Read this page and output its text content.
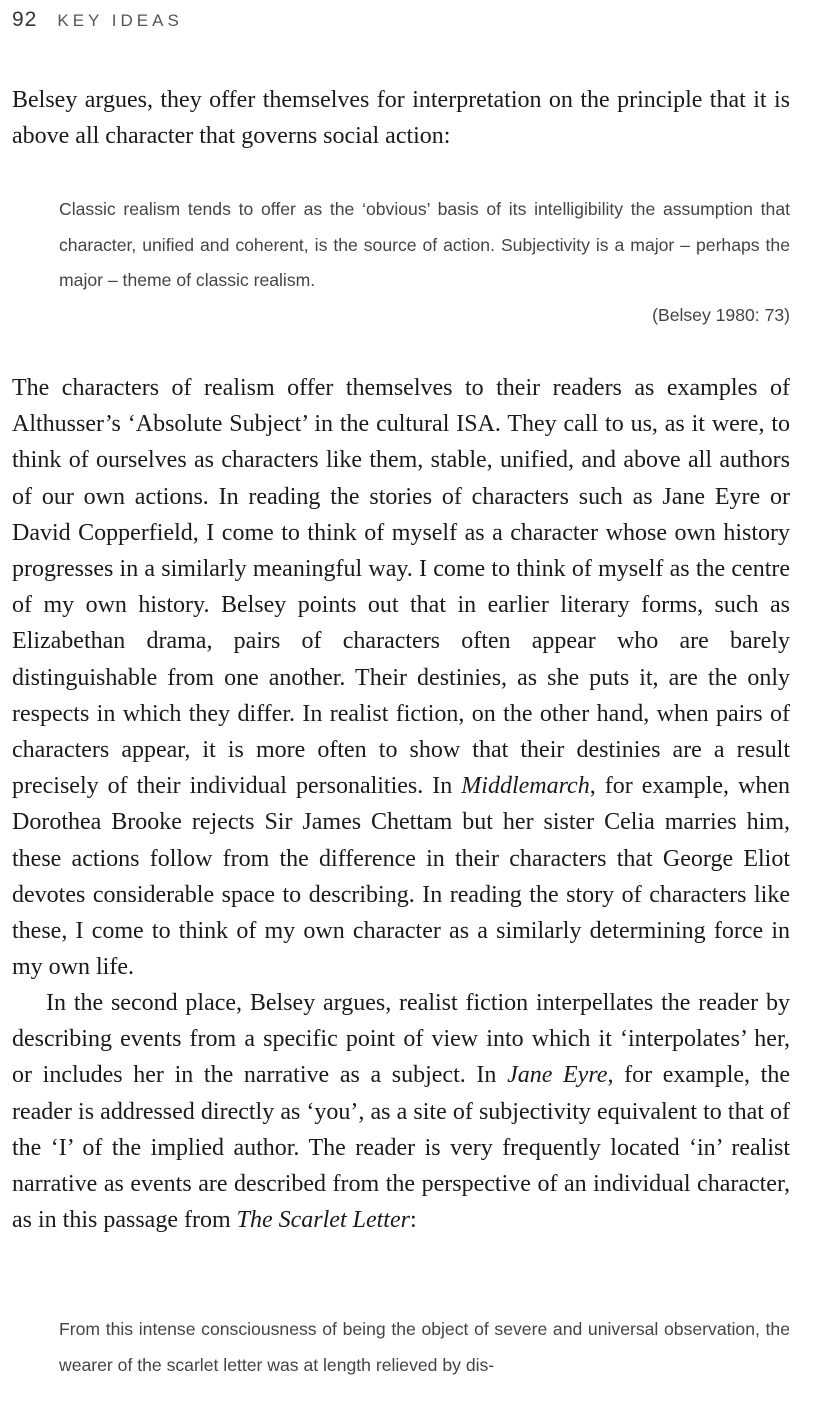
92 KEY IDEAS

Belsey argues, they offer themselves for interpretation on the principle that it is above all character that governs social action:

Classic realism tends to offer as the ‘obvious’ basis of its intelligibility the assumption that character, unified and coherent, is the source of action. Subjectivity is a major – perhaps the major – theme of classic realism.

(Belsey 1980: 73)

The characters of realism offer themselves to their readers as examples of Althusser’s ‘Absolute Subject’ in the cultural ISA. They call to us, as it were, to think of ourselves as characters like them, stable, unified, and above all authors of our own actions. In reading the stories of characters such as Jane Eyre or David Copperfield, I come to think of myself as a character whose own history progresses in a similarly meaningful way. I come to think of myself as the centre of my own history. Belsey points out that in earlier literary forms, such as Elizabethan drama, pairs of characters often appear who are barely distinguishable from one another. Their destinies, as she puts it, are the only respects in which they differ. In realist fiction, on the other hand, when pairs of characters appear, it is more often to show that their destinies are a result precisely of their individual personalities. In Middlemarch, for example, when Dorothea Brooke rejects Sir James Chettam but her sister Celia marries him, these actions follow from the difference in their characters that George Eliot devotes considerable space to describing. In reading the story of characters like these, I come to think of my own character as a similarly determining force in my own life.

In the second place, Belsey argues, realist fiction interpellates the reader by describing events from a specific point of view into which it ‘interpolates’ her, or includes her in the narrative as a subject. In Jane Eyre, for example, the reader is addressed directly as ‘you’, as a site of subjectivity equivalent to that of the ‘I’ of the implied author. The reader is very frequently located ‘in’ realist narrative as events are described from the perspective of an individual character, as in this passage from The Scarlet Letter:

From this intense consciousness of being the object of severe and universal observation, the wearer of the scarlet letter was at length relieved by dis-
